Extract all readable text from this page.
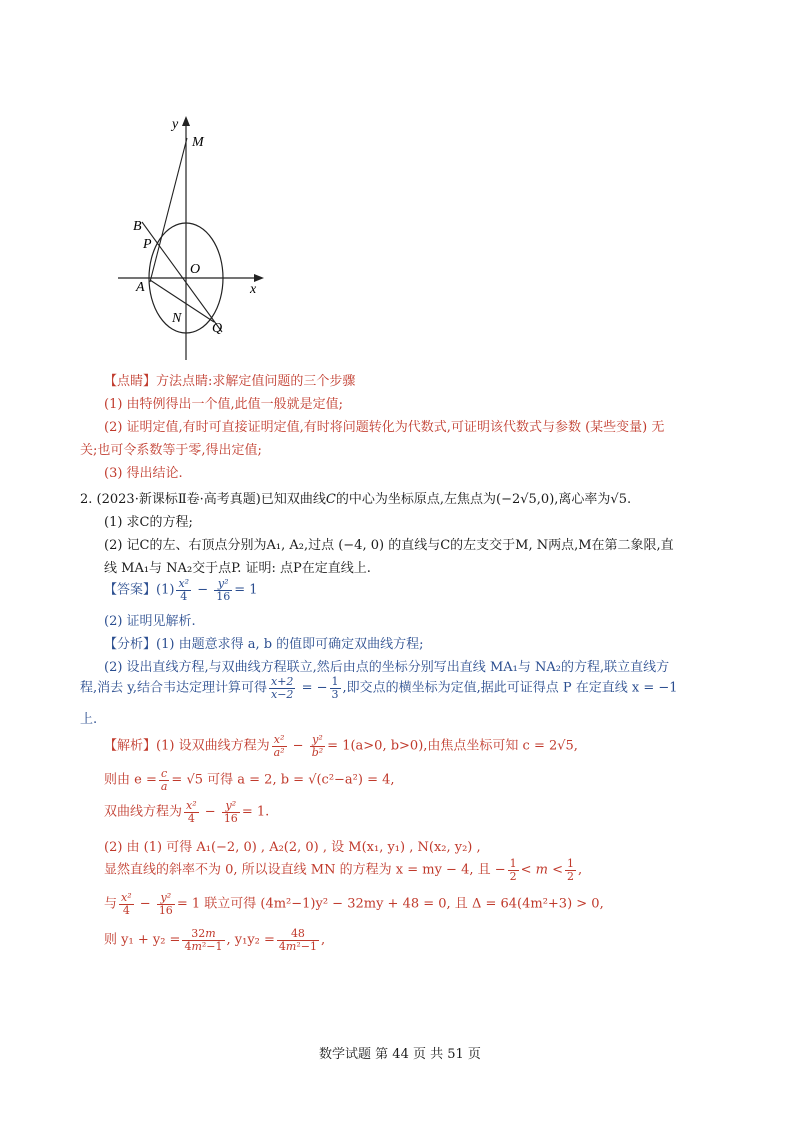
y
M
B
P
O
x
A
N
Q
【点睛】方法点睛:求解定值问题的三个步骤
(1) 由特例得出一个值,此值一般就是定值;
(2) 证明定值,有时可直接证明定值,有时将问题转化为代数式,可证明该代数式与参数 (某些变量) 无
关;也可令系数等于零,得出定值;
(3) 得出结论.
2. (2023·新课标Ⅱ卷·高考真题)已知双曲线C的中心为坐标原点,左焦点为(−2√5,0),离心率为√5.
(1) 求C的方程;
(2) 记C的左、右顶点分别为A₁, A₂,过点 (−4, 0) 的直线与C的左支交于M, N两点,M在第二象限,直
线 MA₁与 NA₂交于点P. 证明: 点P在定直线上.
【答案】$(1) \frac{\text{x²}}{4} - \frac{\text{y²}}{16} = 1$
(2) 证明见解析.
【分析】(1) 由题意求得 a, b 的值即可确定双曲线方程;
(2) 设出直线方程,与双曲线方程联立,然后由点的坐标分别写出直线 MA₁与 NA₂的方程,联立直线方
程,消去 y,结合韦达定理计算可得 $\frac{x+2}{x-2}$ = − $\frac{1}{3}$ ,即交点的横坐标为定值,据此可证得点 P 在定直线 x = −1
上.
【解析】(1) 设双曲线方程为 $\frac{\text{x²}}{\text{a²}} - \frac{\text{y²}}{\text{b²}} = 1(a>0$, b>0),由焦点坐标可知 c = 2√5,
则由 $e = \frac{c}{a} = √5$ 可得 a = 2, b = √(c²−a²) = 4,
双曲线方程为 $\frac{\text{x²}}{4} - \frac{\text{y²}}{16} = 1$.
(2) 由 (1) 可得 A₁(−2, 0) , A₂(2, 0) , 设 M(x₁, y₁) , N(x₂, y₂) ,
显然直线的斜率不为 0, 所以设直线 MN 的方程为 x = my − 4, 且 − $\frac{1}{2} < m < \frac{1}{2}$ ,
与 $\frac{\text{x²}}{4} - \frac{\text{y²}}{16} = 1$ 联立可得 (4m²−1)y² − 32my + 48 = 0, 且 Δ = 64(4m²+3) > 0,
则 $y_1 + y_2 = \frac{32m}{\text{4m²−1}}$ , $y_1y_2 = \frac{48}{\text{4m²−1}}$ ,
数学试题 第 44 页 共 51 页
